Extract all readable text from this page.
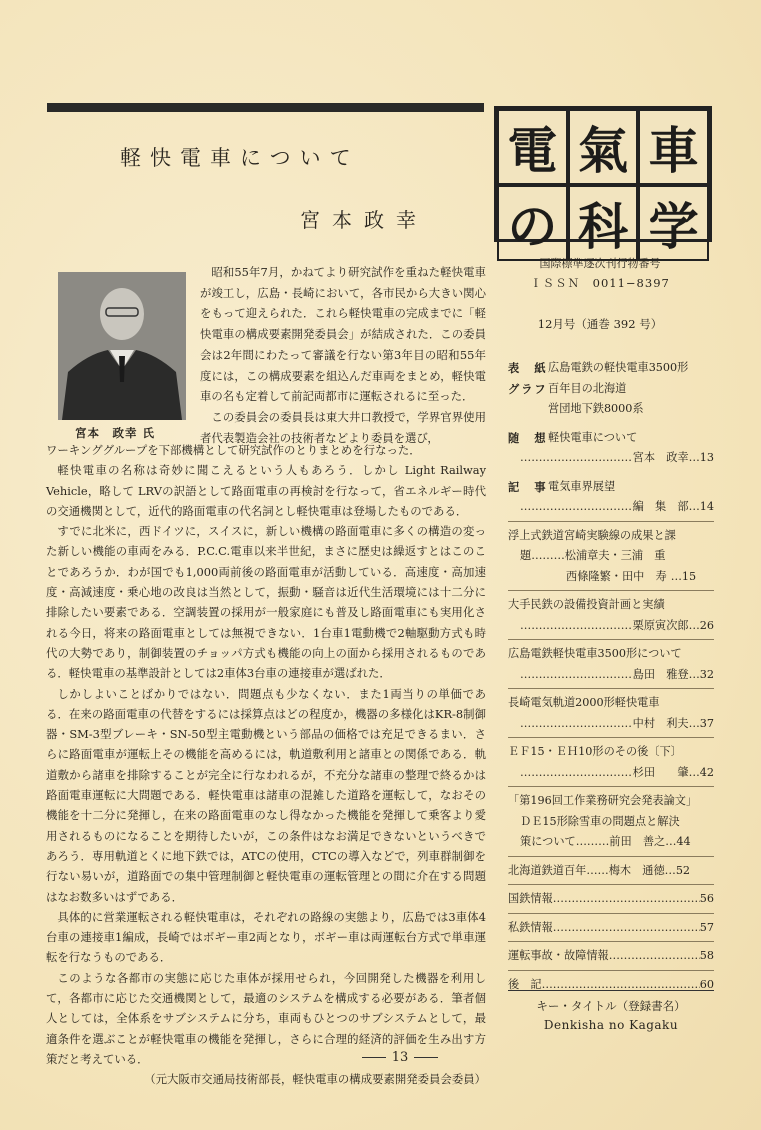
軽快電車について
宮本政幸
宮本　政幸 氏

昭和55年7月，かねてより研究試作を重ねた軽快電車が竣工し，広島・長崎において，各市民から大きい関心をもって迎えられた．これら軽快電車の完成までに「軽快電車の構成要素開発委員会」が結成された．この委員会は2年間にわたって審議を行ない第3年目の昭和55年度には，この構成要素を組込んだ車両をまとめ，軽快電車の名も定着して前記両都市に運転されるに至った．

この委員会の委員長は東大井口教授で，学界官界使用者代表製造会社の技術者などより委員を選び，

ワーキンググループを下部機構として研究試作のとりまとめを行なった．

軽快電車の名称は奇妙に聞こえるという人もあろう．しかし Light Railway Vehicle，略して LRVの訳語として路面電車の再検討を行なって，省エネルギー時代の交通機関として，近代的路面電車の代名詞とし軽快電車は登場したものである．

すでに北米に，西ドイツに，スイスに，新しい機構の路面電車に多くの構造の変った新しい機能の車両をみる．P.C.C.電車以来半世紀，まさに歴史は繰返すとはこのことであろうか．わが国でも1,000両前後の路面電車が活動している．高速度・高加速度・高減速度・乗心地の改良は当然として，振動・騒音は近代生活環境には十二分に排除したい要素である．空調装置の採用が一般家庭にも普及し路面電車にも実用化される今日，将来の路面電車としては無視できない．1台車1電動機で2軸駆動方式も時代の大勢であり，制御装置のチョッパ方式も機能の向上の面から採用されるものである．軽快電車の基準設計としては2車体3台車の連接車が選ばれた．

しかしよいことばかりではない．問題点も少なくない．また1両当りの単価である．在来の路面電車の代替をするには採算点はどの程度か，機器の多様化はKR-8制御器・SM-3型ブレーキ・SN-50型主電動機という部品の価格では充足できるまい．さらに路面電車が運転上その機能を高めるには，軌道敷利用と諸車との関係である．軌道敷から諸車を排除することが完全に行なわれるが，不充分な諸車の整理で終るかは路面電車運転に大問題である．軽快電車は諸車の混雑した道路を運転して，なおその機能を十二分に発揮し，在来の路面電車のなし得なかった機能を発揮して乗客より愛用されるものになることを期待したいが，この条件はなお満足できないというべきであろう．専用軌道とくに地下鉄では，ATCの使用，CTCの導入などで，列車群制御を行ない易いが，道路面での集中管理制御と軽快電車の運転管理との間に介在する問題はなお数多いはずである．

具体的に営業運転される軽快電車は，それぞれの路線の実態より，広島では3車体4台車の連接車1編成，長崎ではボギー車2両となり，ボギー車は両運転台方式で単車運転を行なうものである．

このような各都市の実態に応じた車体が採用せられ，今回開発した機器を利用して，各都市に応じた交通機関として，最適のシステムを構成する必要がある．筆者個人としては，全体系をサブシステムに分ち，車両もひとつのサブシステムとして，最適条件を選ぶことが軽快電車の機能を発揮し，さらに合理的経済的評価を生み出す方策だと考えている．

（元大阪市交通局技術部長，軽快電車の構成要素開発委員会委員）

13
電 氣 車
の 科 学
国際標準逐次刊行物番号
ＩＳＳＮ　0011−8397
12月号（通巻 392 号）
表　紙 広島電鉄の軽快電車3500形
グラフ 百年目の北海道
営団地下鉄8000系
随　想 軽快電車について
…………………………………………………………
宮本　政幸…13
記　事 電気車界展望
…………………………………………………………
編　集　部…14
浮上式鉄道宮崎実験線の成果と課
題………松浦章夫・三浦　重
西條隆繁・田中　寿 …15
大手民鉄の設備投資計画と実績
…………………………………………………………
栗原寅次郎…26
広島電鉄軽快電車3500形について
…………………………………………………………
島田　雅登…32
長崎電気軌道2000形軽快電車
…………………………………………………………
中村　利夫…37
ＥＦ15・ＥＨ10形のその後〔下〕
…………………………………………………………
杉田　　肇…42
「第196回工作業務研究会発表論文」
ＤＥ15形除雪車の問題点と解決
策について………前田　善之…44
北海道鉄道百年……梅木　通徳…52
国鉄情報 …………………………………………………………	56
私鉄情報 …………………………………………………………	57
運転事故・故障情報 …………………………………………………………	58
後　記 …………………………………………………………	60
キー・タイトル（登録書名）
Denkisha no Kagaku
